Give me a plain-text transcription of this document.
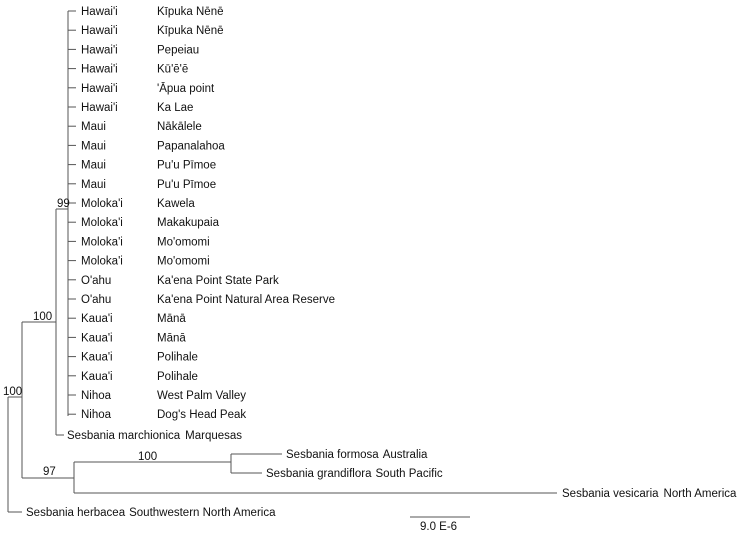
Hawai'i	Kīpuka Nēnē
Hawai'i	Kīpuka Nēnē
Hawai'i	Pepeiau
Hawai'i	Kū'ē'ē
Hawai'i	'Āpua point
Hawai'i	Ka Lae
Maui	Nākālele
Maui	Papanalahoa
Maui	Pu'u Pīmoe
Maui	Pu'u Pīmoe
Moloka'i	Kawela
Moloka'i	Makakupaia
Moloka'i	Mo'omomi
Moloka'i	Mo'omomi
O'ahu	Ka'ena Point State Park
O'ahu	Ka'ena Point Natural Area Reserve
Kaua'i	Mānā
Kaua'i	Mānā
Kaua'i	Polihale
Kaua'i	Polihale
Nihoa	West Palm Valley
Nihoa	Dog's Head Peak
Sesbania marchionica Marquesas
Sesbania formosa Australia
Sesbania grandiflora South Pacific
Sesbania vesicaria North America
Sesbania herbacea Southwestern North America
99
100
100
100
97
9.0 E-6
